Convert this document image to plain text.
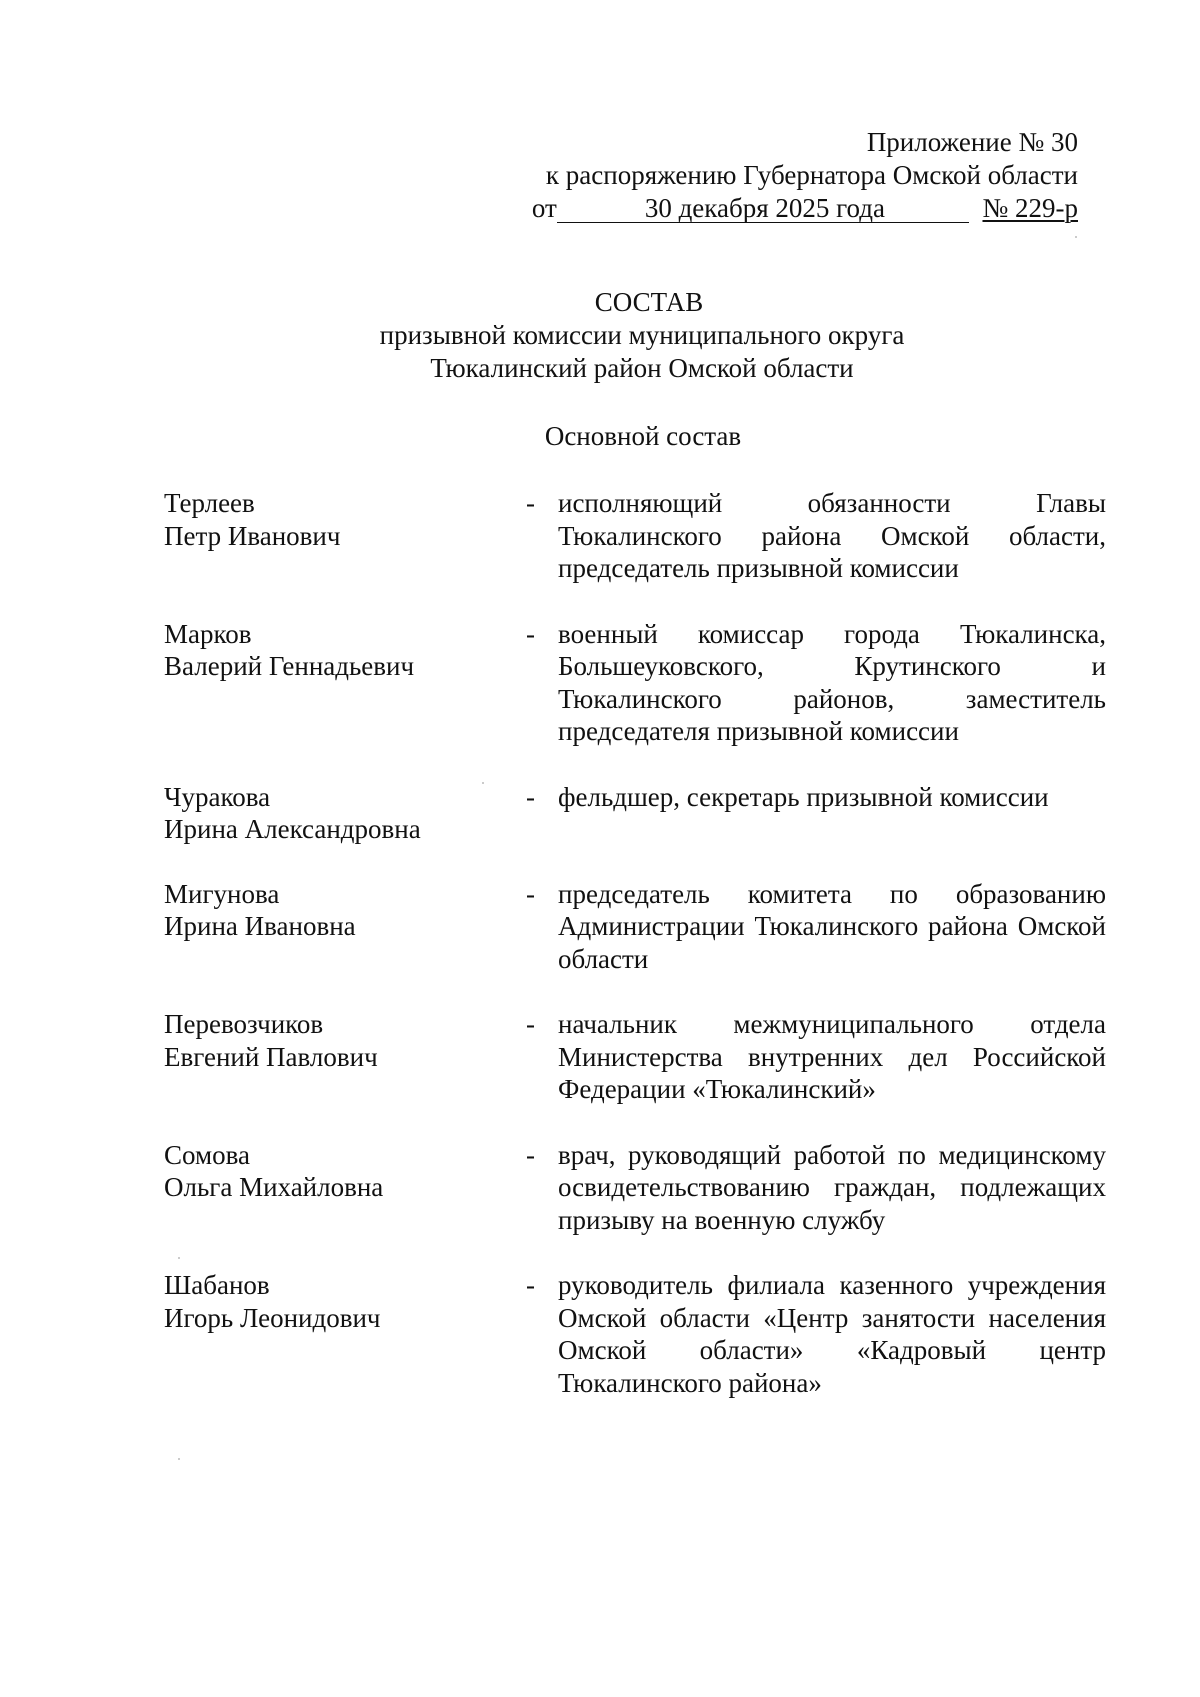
Приложение № 30
к распоряжению Губернатора Омской области
от	30 декабря 2025 года	№ 229-р
СОСТАВ
призывной комиссии муниципального округа
Тюкалинский район Омской области
Основной состав
Терлеев
Петр Иванович
- исполняющий обязанности Главы Тюкалинского района Омской области, председатель призывной комиссии
Марков
Валерий Геннадьевич
- военный комиссар города Тюкалинска, Большеуковского, Крутинского и Тюкалинского районов, заместитель председателя призывной комиссии
Чуракова
Ирина Александровна
- фельдшер, секретарь призывной комиссии
Мигунова
Ирина Ивановна
- председатель комитета по образованию Администрации Тюкалинского района Омской области
Перевозчиков
Евгений Павлович
- начальник межмуниципального отдела Министерства внутренних дел Российской Федерации «Тюкалинский»
Сомова
Ольга Михайловна
- врач, руководящий работой по медицинскому освидетельствованию граждан, подлежащих призыву на военную службу
Шабанов
Игорь Леонидович
- руководитель филиала казенного учреждения Омской области «Центр занятости населения Омской области» «Кадровый центр Тюкалинского района»
